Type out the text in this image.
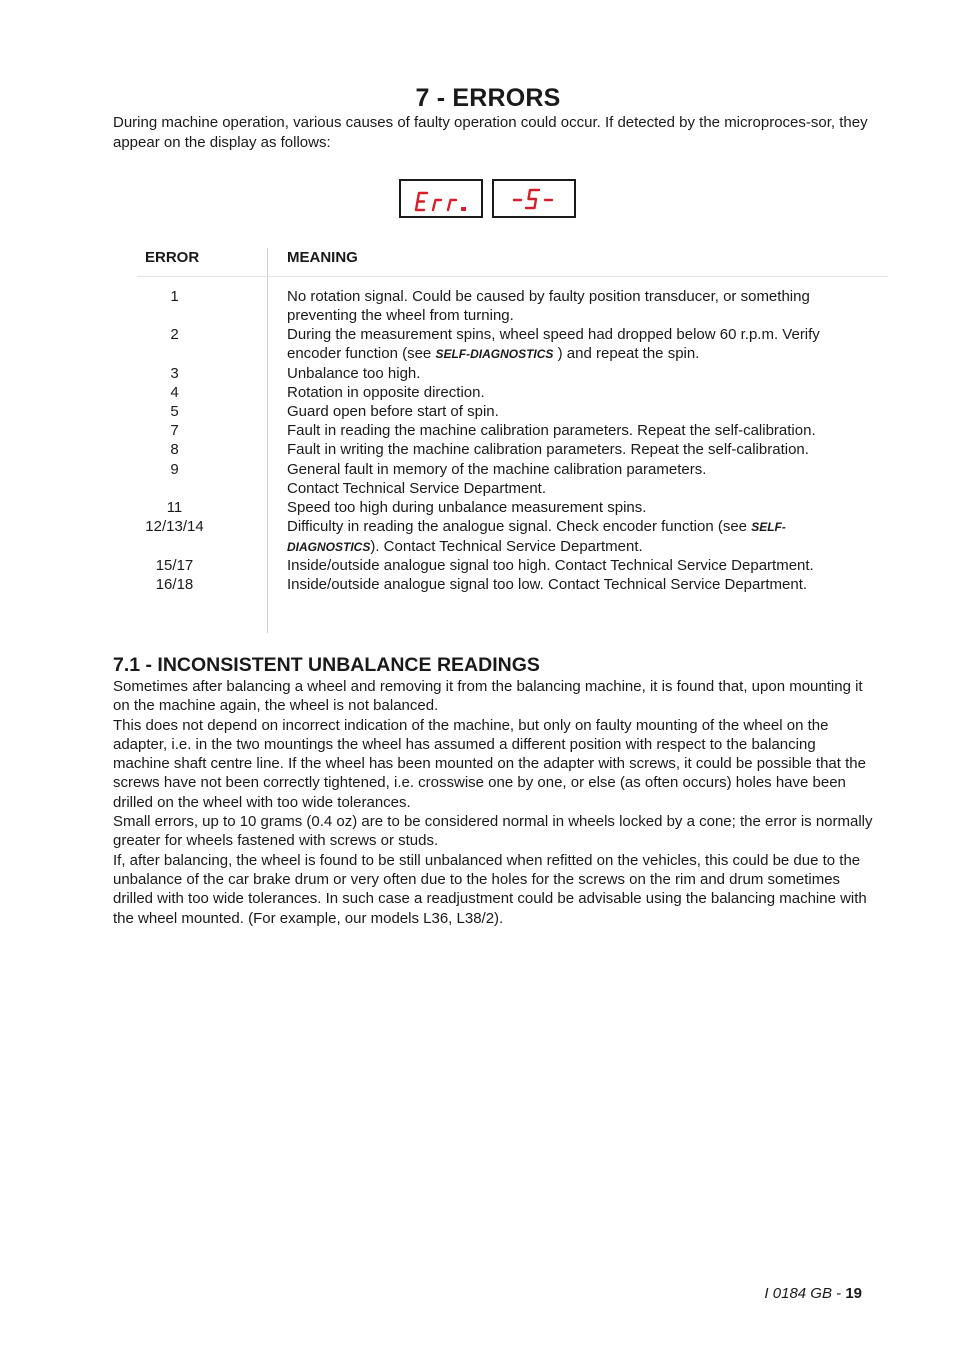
7 - ERRORS
During machine operation, various causes of faulty operation could occur. If detected by the microproces-sor, they appear on the display as follows:
Err.	-5-
ERROR	MEANING
1	No rotation signal. Could be caused by faulty position transducer, or something preventing the wheel from turning.
2	During the measurement spins, wheel speed had dropped below 60 r.p.m. Verify encoder function (see SELF-DIAGNOSTICS ) and repeat the spin.
3	Unbalance too high.
4	Rotation in opposite direction.
5	Guard open before start of spin.
7	Fault in reading the machine calibration parameters. Repeat the self-calibration.
8	Fault in writing the machine calibration parameters. Repeat the self-calibration.
9	General fault in memory of the machine calibration parameters.
Contact Technical Service Department.
11	Speed too high during unbalance measurement spins.
12/13/14	Difficulty in reading the analogue signal. Check encoder function (see SELF-DIAGNOSTICS). Contact Technical Service Department.
15/17	Inside/outside analogue signal too high. Contact Technical Service Department.
16/18	Inside/outside analogue signal too low. Contact Technical Service Department.
7.1 - INCONSISTENT UNBALANCE READINGS

Sometimes after balancing a wheel and removing it from the balancing machine, it is found that, upon mounting it on the machine again, the wheel is not balanced.

This does not depend on incorrect indication of the machine, but only on faulty mounting of the wheel on the adapter, i.e. in the two mountings the wheel has assumed a different position with respect to the balancing machine shaft centre line. If the wheel has been mounted on the adapter with screws, it could be possible that the screws have not been correctly tightened, i.e. crosswise one by one, or else (as often occurs) holes have been drilled on the wheel with too wide tolerances.

Small errors, up to 10 grams (0.4 oz) are to be considered normal in wheels locked by a cone; the error is normally greater for wheels fastened with screws or studs.

If, after balancing, the wheel is found to be still unbalanced when refitted on the vehicles, this could be due to the unbalance of the car brake drum or very often due to the holes for the screws on the rim and drum sometimes drilled with too wide tolerances. In such case a readjustment could be advisable using the balancing machine with the wheel mounted. (For example, our models L36, L38/2).

I 0184 GB - 19
